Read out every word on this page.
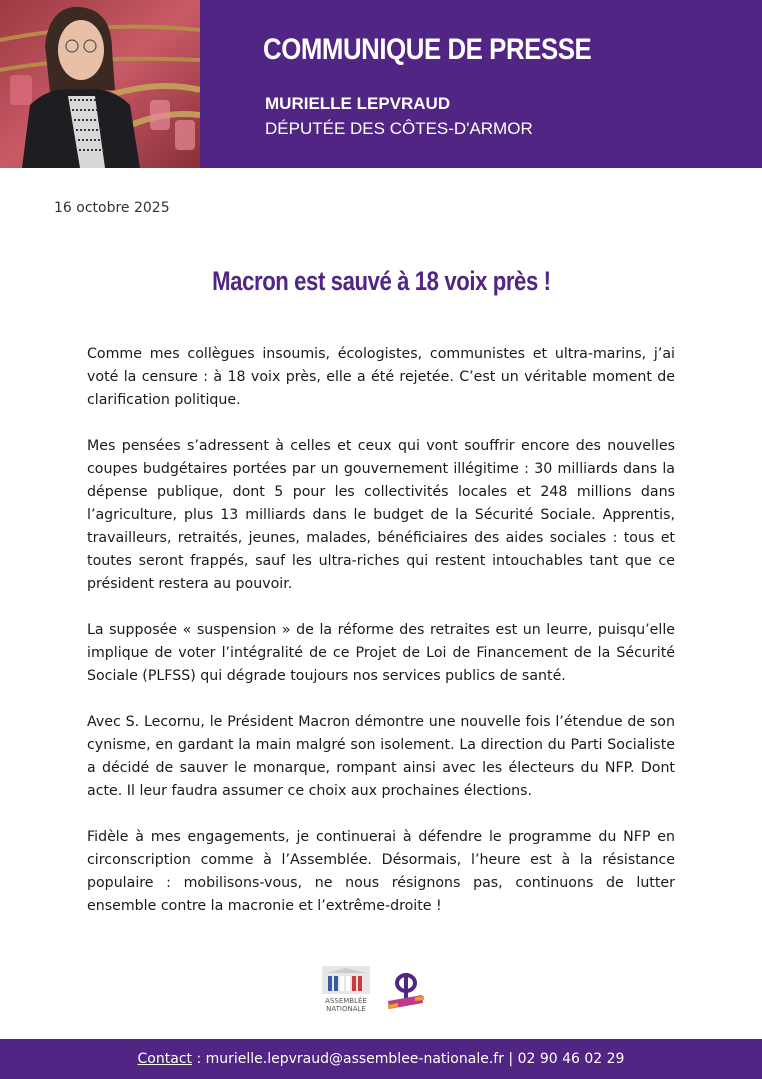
COMMUNIQUE DE PRESSE
MURIELLE LEPVRAUD
DÉPUTÉE DES CÔTES-D'ARMOR
16 octobre 2025
Macron est sauvé à 18 voix près !

Comme mes collègues insoumis, écologistes, communistes et ultra-marins, j’ai voté la censure : à 18 voix près, elle a été rejetée. C’est un véritable moment de clarification politique.

Mes pensées s’adressent à celles et ceux qui vont souffrir encore des nouvelles coupes budgétaires portées par un gouvernement illégitime : 30 milliards dans la dépense publique, dont 5 pour les collectivités locales et 248 millions dans l’agriculture, plus 13 milliards dans le budget de la Sécurité Sociale. Apprentis, travailleurs, retraités, jeunes, malades, bénéficiaires des aides sociales : tous et toutes seront frappés, sauf les ultra-riches qui restent intouchables tant que ce président restera au pouvoir.

La supposée « suspension » de la réforme des retraites est un leurre, puisqu’elle implique de voter l’intégralité de ce Projet de Loi de Financement de la Sécurité Sociale (PLFSS) qui dégrade toujours nos services publics de santé.

Avec S. Lecornu, le Président Macron démontre une nouvelle fois l’étendue de son cynisme, en gardant la main malgré son isolement. La direction du Parti Socialiste a décidé de sauver le monarque, rompant ainsi avec les électeurs du NFP. Dont acte. Il leur faudra assumer ce choix aux prochaines élections.

Fidèle à mes engagements, je continuerai à défendre le programme du NFP en circonscription comme à l’Assemblée. Désormais, l’heure est à la résistance populaire : mobilisons-vous, ne nous résignons pas, continuons de lutter ensemble contre la macronie et l’extrême-droite !

ASSEMBLÉE
NATIONALE
Contact : murielle.lepvraud@assemblee-nationale.fr | 02 90 46 02 29
